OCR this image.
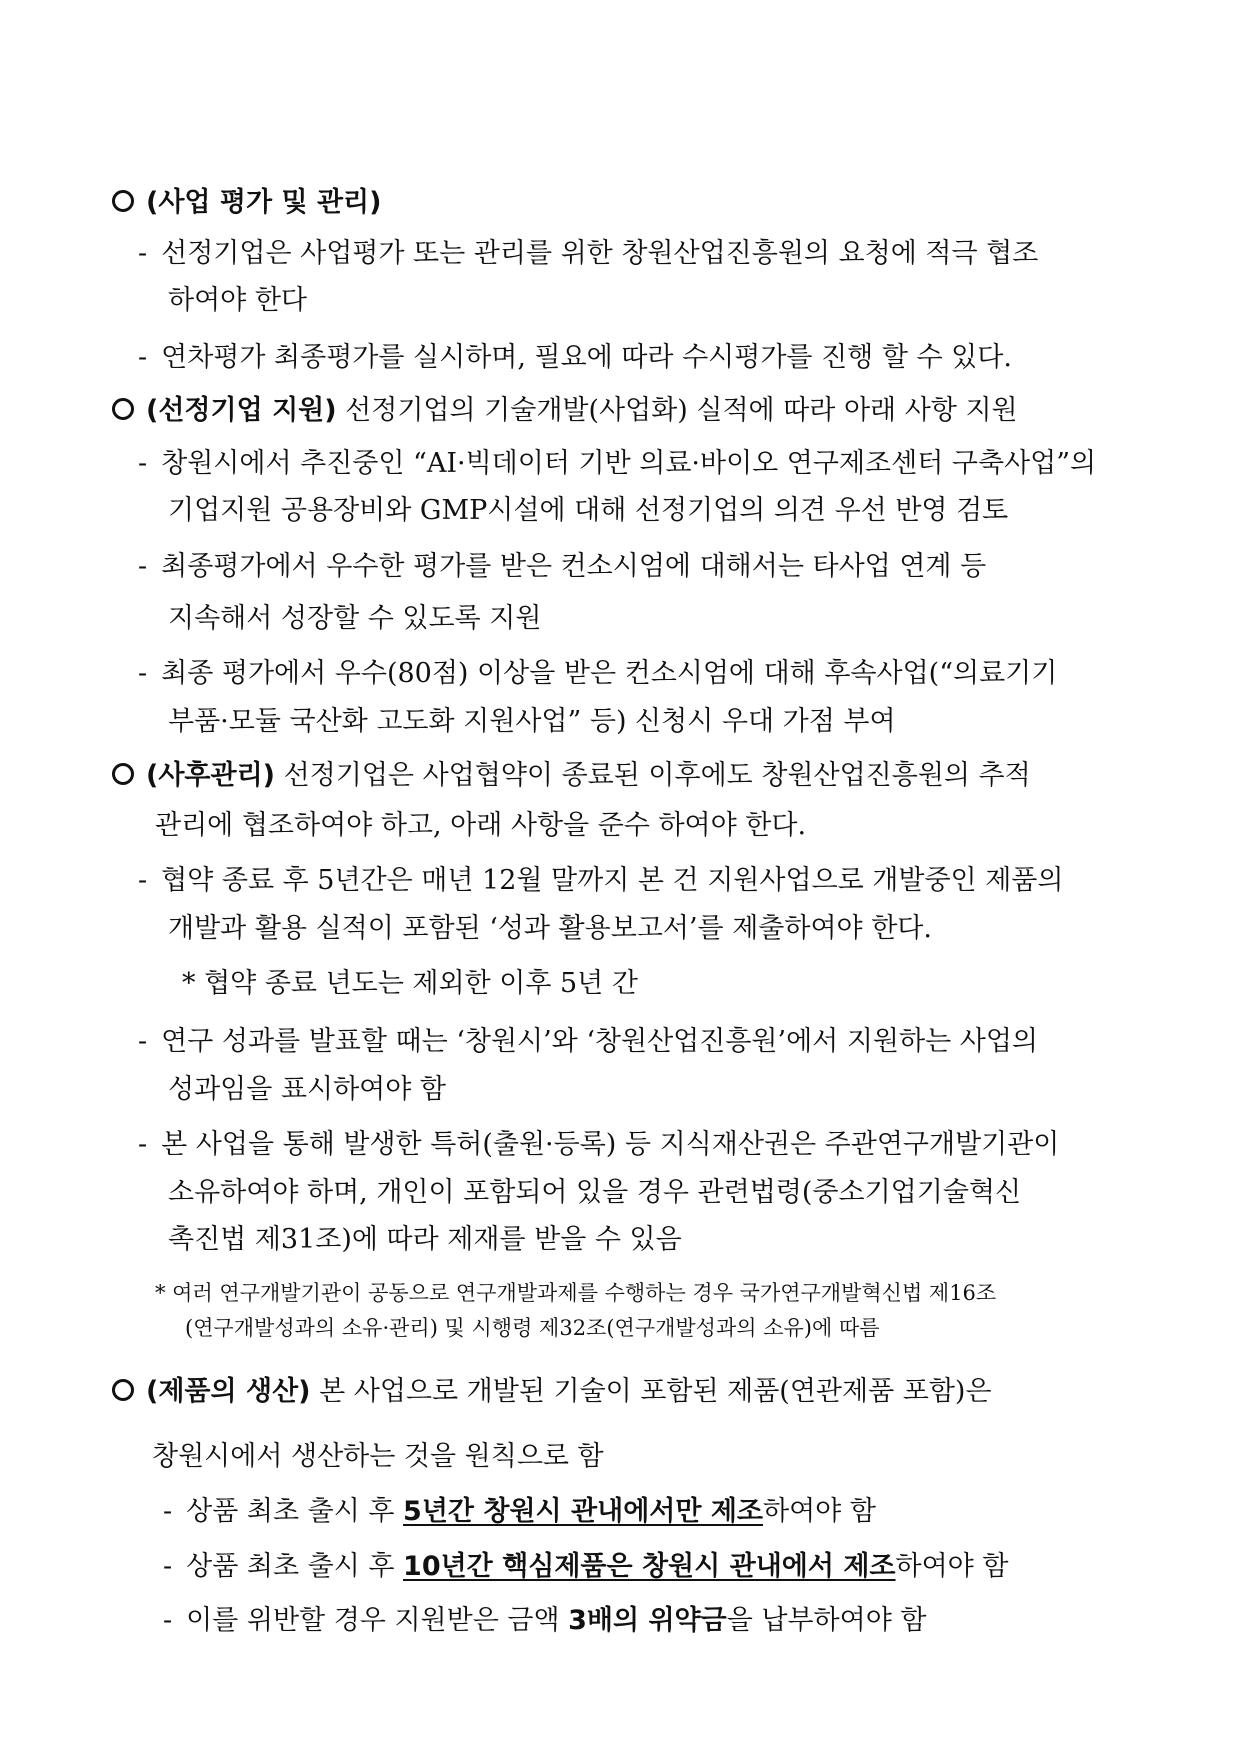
(사업 평가 및 관리)
- 선정기업은 사업평가 또는 관리를 위한 창원산업진흥원의 요청에 적극 협조
하여야 한다
- 연차평가 최종평가를 실시하며, 필요에 따라 수시평가를 진행 할 수 있다.
(선정기업 지원) 선정기업의 기술개발(사업화) 실적에 따라 아래 사항 지원
- 창원시에서 추진중인 “AI·빅데이터 기반 의료·바이오 연구제조센터 구축사업”의
기업지원 공용장비와 GMP시설에 대해 선정기업의 의견 우선 반영 검토
- 최종평가에서 우수한 평가를 받은 컨소시엄에 대해서는 타사업 연계 등
지속해서 성장할 수 있도록 지원
- 최종 평가에서 우수(80점) 이상을 받은 컨소시엄에 대해 후속사업(“의료기기
부품·모듈 국산화 고도화 지원사업” 등) 신청시 우대 가점 부여
(사후관리) 선정기업은 사업협약이 종료된 이후에도 창원산업진흥원의 추적
관리에 협조하여야 하고, 아래 사항을 준수 하여야 한다.
- 협약 종료 후 5년간은 매년 12월 말까지 본 건 지원사업으로 개발중인 제품의
개발과 활용 실적이 포함된 ‘성과 활용보고서’를 제출하여야 한다.
* 협약 종료 년도는 제외한 이후 5년 간
- 연구 성과를 발표할 때는 ‘창원시’와 ‘창원산업진흥원’에서 지원하는 사업의
성과임을 표시하여야 함
- 본 사업을 통해 발생한 특허(출원·등록) 등 지식재산권은 주관연구개발기관이
소유하여야 하며, 개인이 포함되어 있을 경우 관련법령(중소기업기술혁신
촉진법 제31조)에 따라 제재를 받을 수 있음
* 여러 연구개발기관이 공동으로 연구개발과제를 수행하는 경우 국가연구개발혁신법 제16조
(연구개발성과의 소유·관리) 및 시행령 제32조(연구개발성과의 소유)에 따름
(제품의 생산) 본 사업으로 개발된 기술이 포함된 제품(연관제품 포함)은
창원시에서 생산하는 것을 원칙으로 함
- 상품 최초 출시 후 5년간 창원시 관내에서만 제조하여야 함
- 상품 최초 출시 후 10년간 핵심제품은 창원시 관내에서 제조하여야 함
- 이를 위반할 경우 지원받은 금액 3배의 위약금을 납부하여야 함
